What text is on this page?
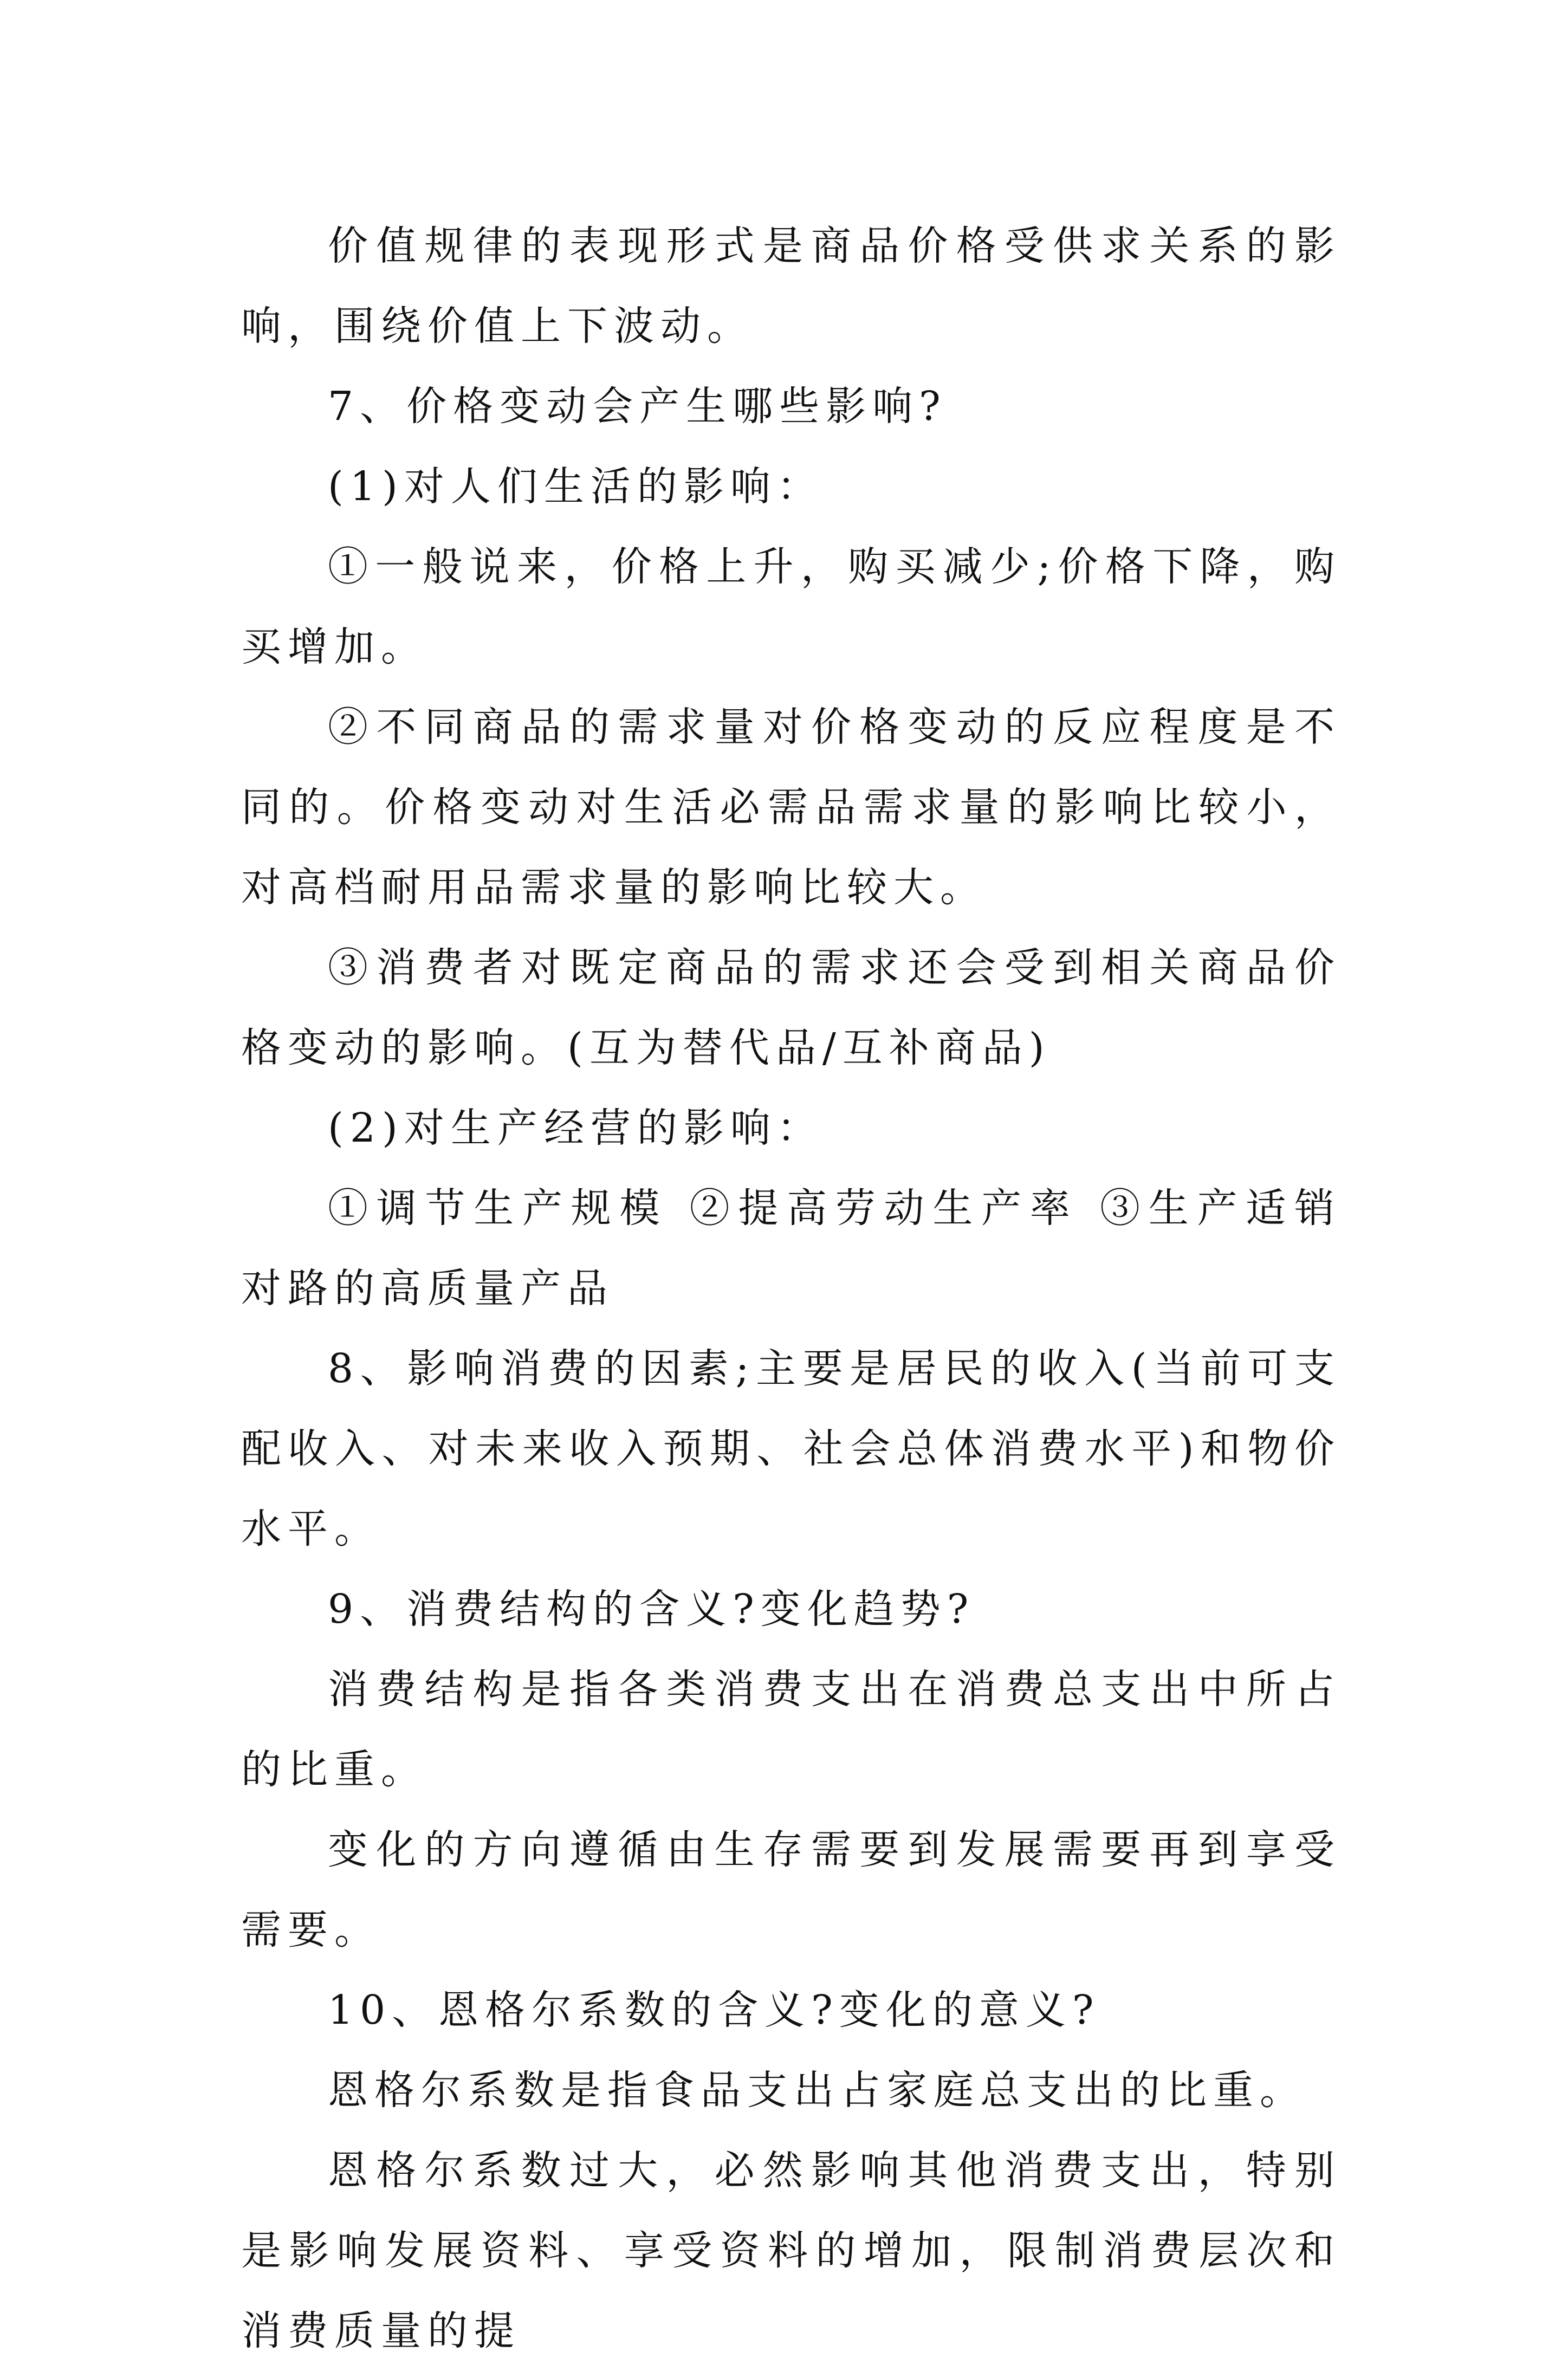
价值规律的表现形式是商品价格受供求关系的影响，围绕价值上下波动。

7、价格变动会产生哪些影响?

(1)对人们生活的影响：

①一般说来，价格上升，购买减少;价格下降，购买增加。

②不同商品的需求量对价格变动的反应程度是不同的。价格变动对生活必需品需求量的影响比较小，对高档耐用品需求量的影响比较大。

③消费者对既定商品的需求还会受到相关商品价格变动的影响。(互为替代品/互补商品)

(2)对生产经营的影响：

①调节生产规模 ②提高劳动生产率 ③生产适销对路的高质量产品

8、影响消费的因素;主要是居民的收入(当前可支配收入、对未来收入预期、社会总体消费水平)和物价水平。

9、消费结构的含义?变化趋势?

消费结构是指各类消费支出在消费总支出中所占的比重。

变化的方向遵循由生存需要到发展需要再到享受需要。

10、恩格尔系数的含义?变化的意义?

恩格尔系数是指食品支出占家庭总支出的比重。

恩格尔系数过大，必然影响其他消费支出，特别是影响发展资料、享受资料的增加，限制消费层次和消费质量的提
